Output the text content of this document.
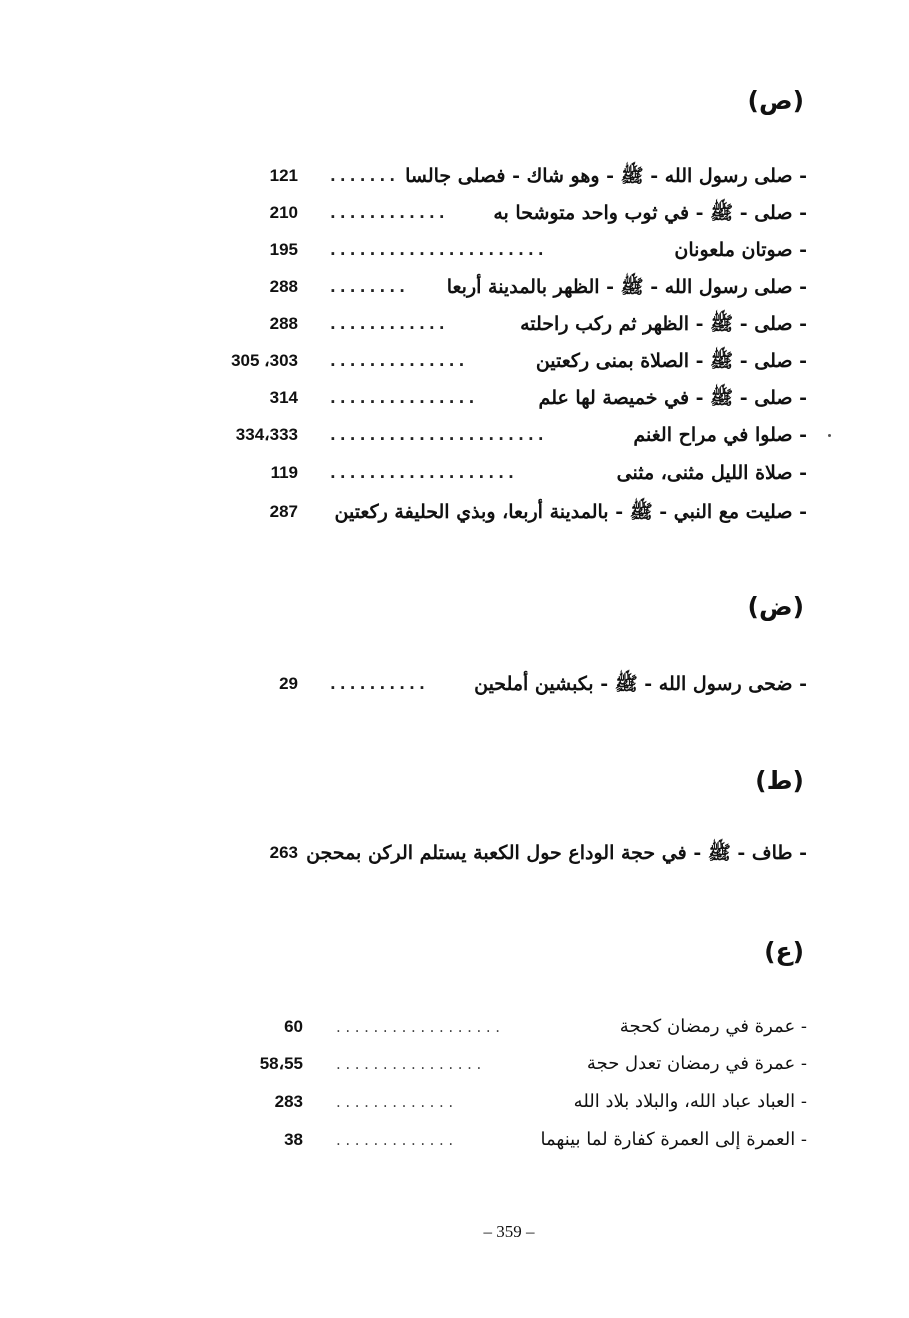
(ص)
- صلى رسول الله - ﷺ - وهو شاك - فصلى جالسا
.......
121
- صلى - ﷺ - في ثوب واحد متوشحا به
............
210
- صوتان ملعونان
......................
195
- صلى رسول الله - ﷺ - الظهر بالمدينة أربعا
........
288
- صلى - ﷺ - الظهر ثم ركب راحلته
............
288
- صلى - ﷺ - الصلاة بمنى ركعتين
..............
305 ،303
- صلى - ﷺ - في خميصة لها علم
...............
314
- صلوا في مراح الغنم
......................
334،333
- صلاة الليل مثنى، مثنى
...................
119
- صليت مع النبي - ﷺ - بالمدينة أربعا، وبذي الحليفة ركعتين
287
(ض)
- ضحى رسول الله - ﷺ - بكبشين أملحين
..........
29
(ط)
- طاف - ﷺ - في حجة الوداع حول الكعبة يستلم الركن بمحجن
263
(ع)
- عمرة في رمضان كحجة
..................
60
- عمرة في رمضان تعدل حجة
................
58،55
- العباد عباد الله، والبلاد بلاد الله
.............
283
- العمرة إلى العمرة كفارة لما بينهما
.............
38
– 359 –
